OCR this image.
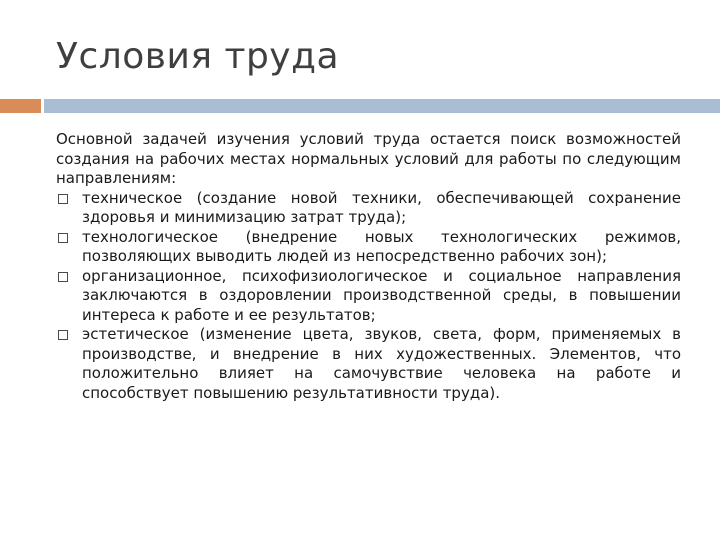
Условия труда

Основной задачей изучения условий труда остается поиск возможностей создания на рабочих местах нормальных условий для работы по следующим направлениям:

техническое (создание новой техники, обеспечивающей сохранение здоровья и минимизацию затрат труда);
технологическое (внедрение новых технологических режимов, позволяющих выводить людей из непосредственно рабочих зон);
организационное, психофизиологическое и социальное направления заключаются в оздоровлении производственной среды, в повышении интереса к работе и ее результатов;
эстетическое (изменение цвета, звуков, света, форм, применяемых в производстве, и внедрение в них художественных. Элементов, что положительно влияет на самочувствие человека на работе и способствует повышению результативности труда).
